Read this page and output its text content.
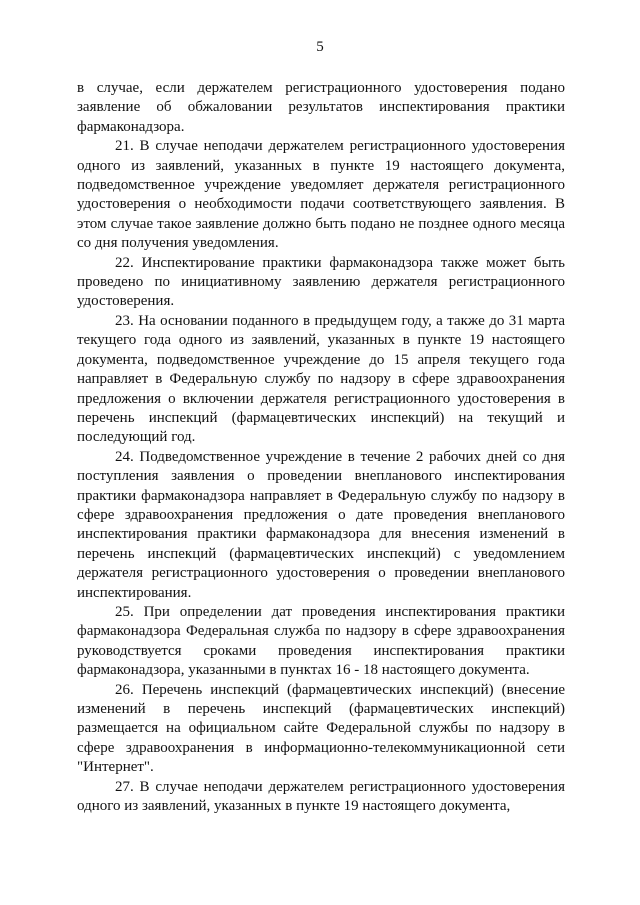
5

в случае, если держателем регистрационного удостоверения подано заявление об обжаловании результатов инспектирования практики фармаконадзора.

21. В случае неподачи держателем регистрационного удостоверения одного из заявлений, указанных в пункте 19 настоящего документа, подведомственное учреждение уведомляет держателя регистрационного удостоверения о необходимости подачи соответствующего заявления. В этом случае такое заявление должно быть подано не позднее одного месяца со дня получения уведомления.

22. Инспектирование практики фармаконадзора также может быть проведено по инициативному заявлению держателя регистрационного удостоверения.

23. На основании поданного в предыдущем году, а также до 31 марта текущего года одного из заявлений, указанных в пункте 19 настоящего документа, подведомственное учреждение до 15 апреля текущего года направляет в Федеральную службу по надзору в сфере здравоохранения предложения о включении держателя регистрационного удостоверения в перечень инспекций (фармацевтических инспекций) на текущий и последующий год.

24. Подведомственное учреждение в течение 2 рабочих дней со дня поступления заявления о проведении внепланового инспектирования практики фармаконадзора направляет в Федеральную службу по надзору в сфере здравоохранения предложения о дате проведения внепланового инспектирования практики фармаконадзора для внесения изменений в перечень инспекций (фармацевтических инспекций) с уведомлением держателя регистрационного удостоверения о проведении внепланового инспектирования.

25. При определении дат проведения инспектирования практики фармаконадзора Федеральная служба по надзору в сфере здравоохранения руководствуется сроками проведения инспектирования практики фармаконадзора, указанными в пунктах 16 - 18 настоящего документа.

26. Перечень инспекций (фармацевтических инспекций) (внесение изменений в перечень инспекций (фармацевтических инспекций) размещается на официальном сайте Федеральной службы по надзору в сфере здравоохранения в информационно-телекоммуникационной сети "Интернет".

27. В случае неподачи держателем регистрационного удостоверения одного из заявлений, указанных в пункте 19 настоящего документа,
